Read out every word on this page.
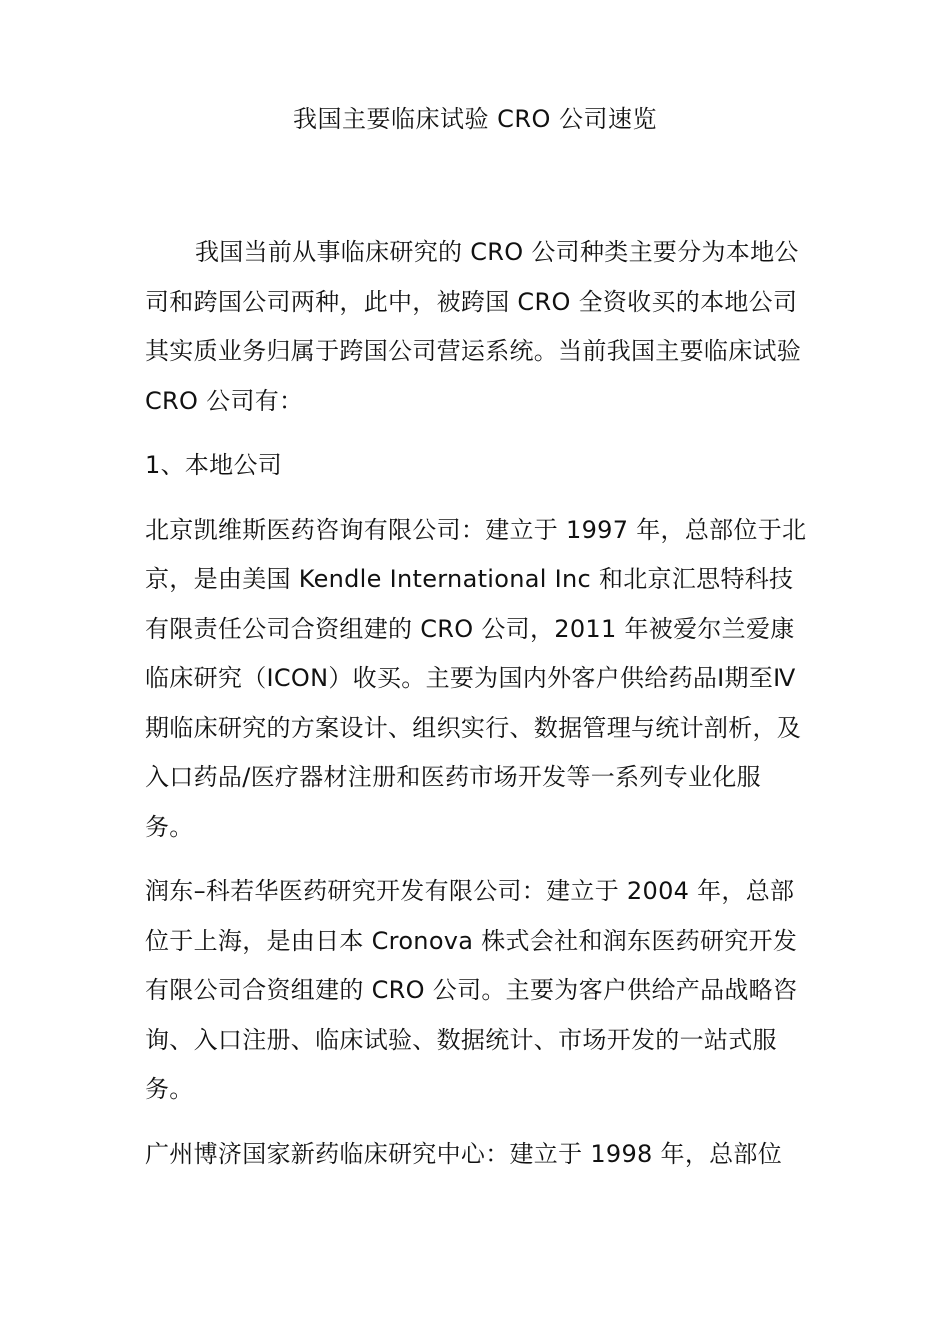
我国主要临床试验 CRO 公司速览

我国当前从事临床研究的 CRO 公司种类主要分为本地公司和跨国公司两种，此中，被跨国 CRO 全资收买的本地公司其实质业务归属于跨国公司营运系统。当前我国主要临床试验 CRO 公司有：

1、本地公司

北京凯维斯医药咨询有限公司：建立于 1997 年，总部位于北京，是由美国 Kendle International Inc 和北京汇思特科技有限责任公司合资组建的 CRO 公司，2011 年被爱尔兰爱康临床研究（ICON）收买。主要为国内外客户供给药品Ⅰ期至Ⅳ期临床研究的方案设计、组织实行、数据管理与统计剖析，及入口药品/医疗器材注册和医药市场开发等一系列专业化服务。

润东–科若华医药研究开发有限公司：建立于 2004 年，总部位于上海，是由日本 Cronova 株式会社和润东医药研究开发有限公司合资组建的 CRO 公司。主要为客户供给产品战略咨询、入口注册、临床试验、数据统计、市场开发的一站式服务。

广州博济国家新药临床研究中心：建立于 1998 年，总部位
